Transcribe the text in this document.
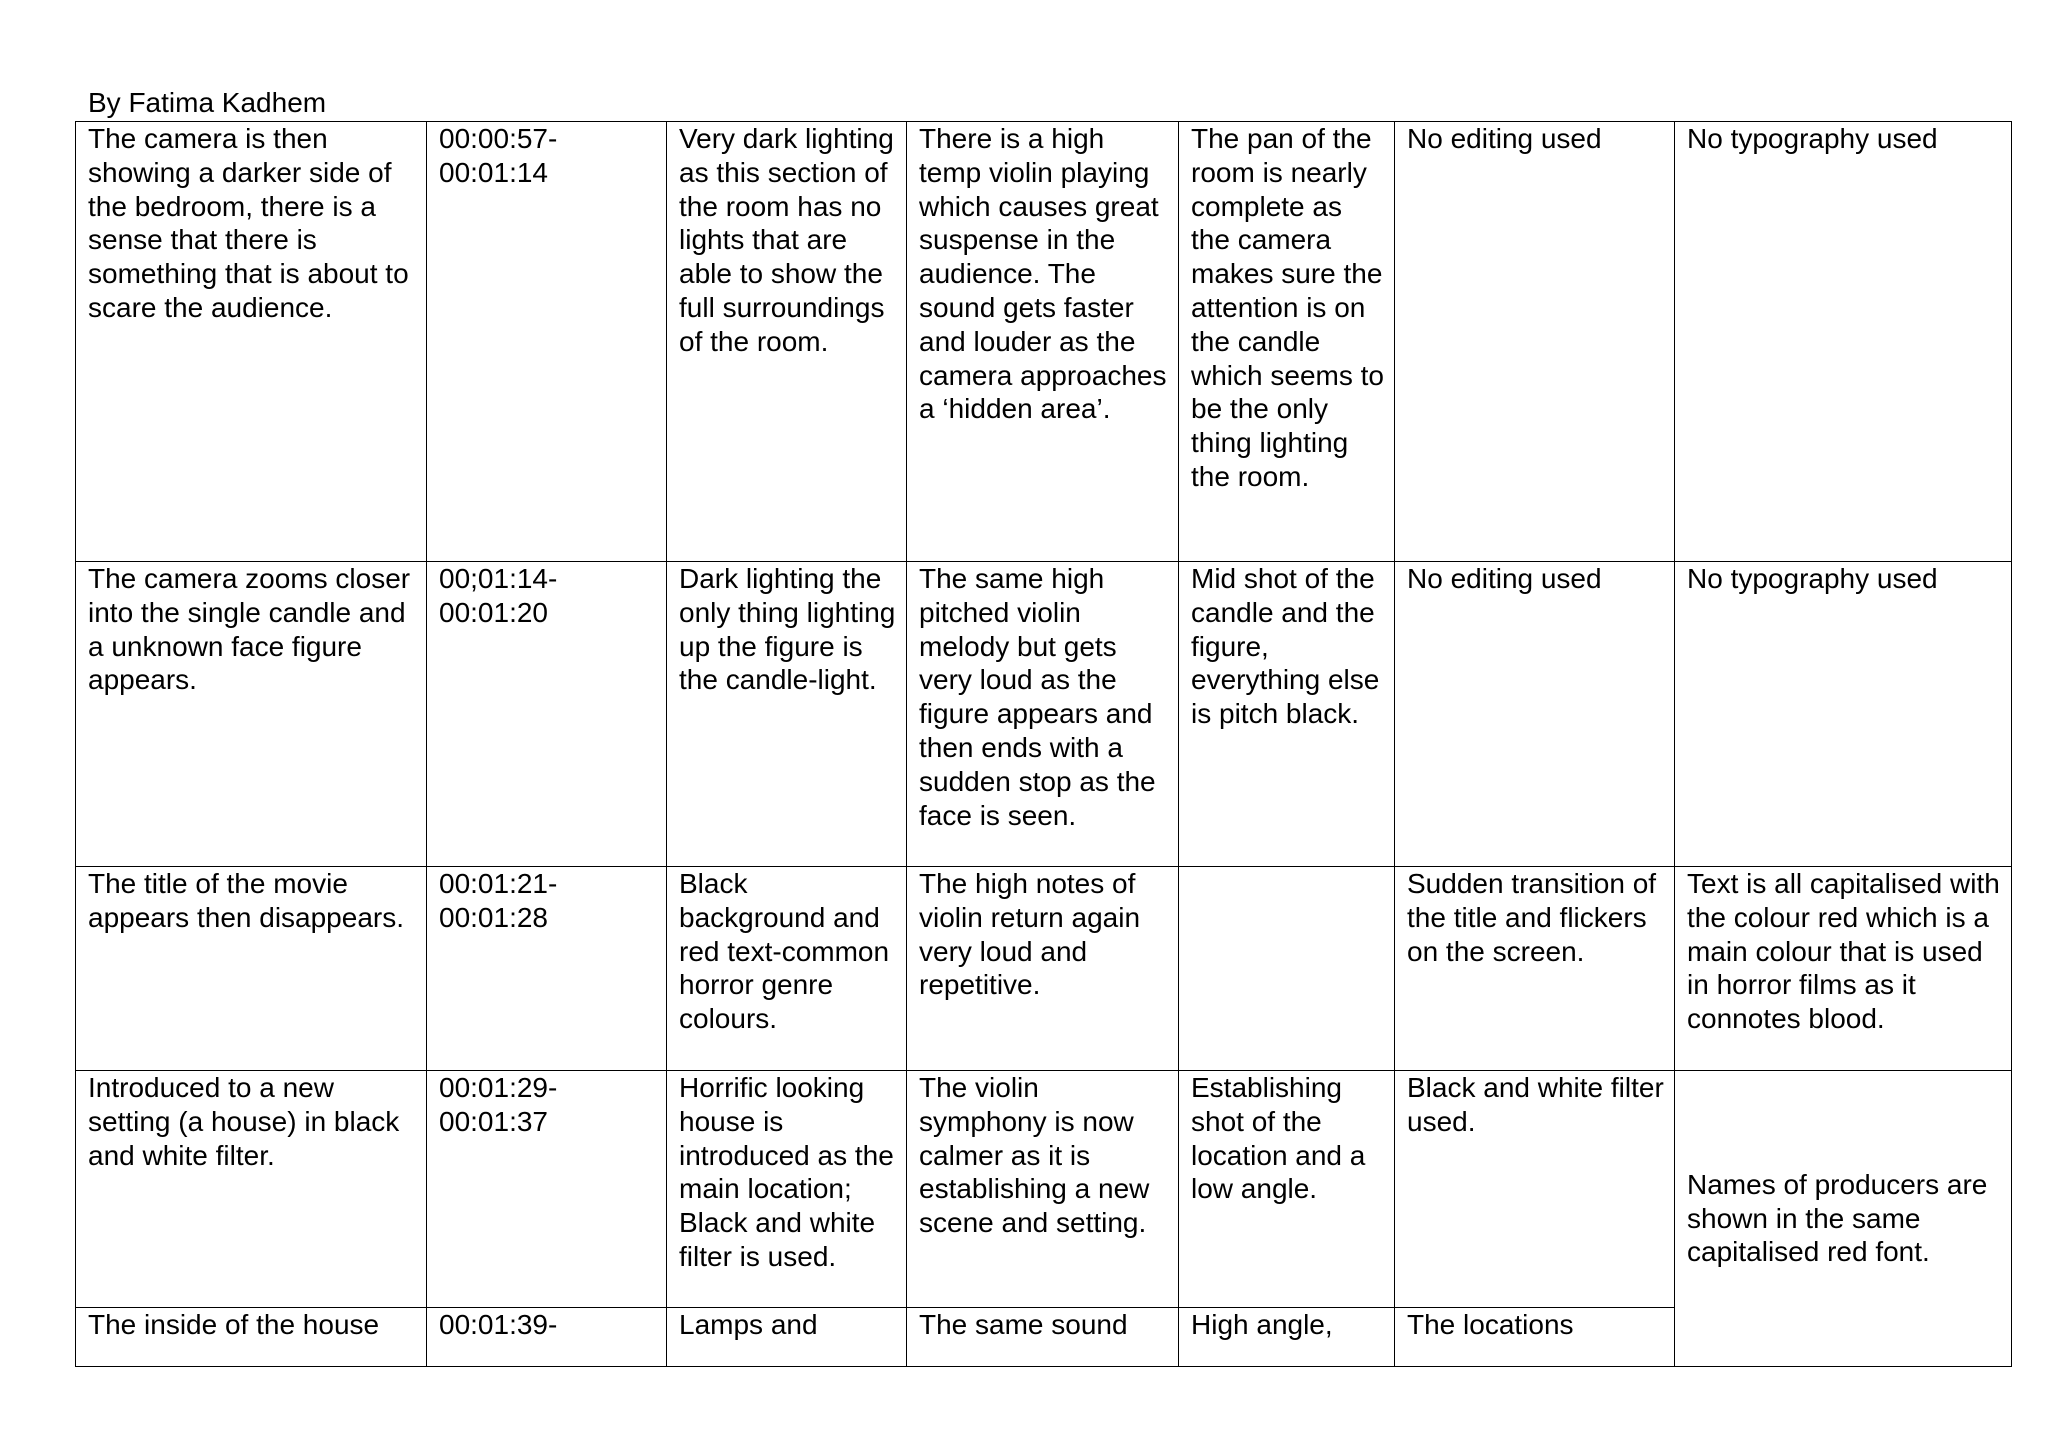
By Fatima Kadhem
The camera is then showing a darker side of the bedroom, there is a sense that there is something that is about to scare the audience.	00:00:57-00:01:14	Very dark lighting as this section of the room has no lights that are able to show the full surroundings of the room.	There is a high temp violin playing which causes great suspense in the audience. The sound gets faster and louder as the camera approaches a ‘hidden area’.	The pan of the room is nearly complete as the camera makes sure the attention is on the candle which seems to be the only thing lighting the room.	No editing used	No typography used
The camera zooms closer into the single candle and a unknown face figure appears.	00;01:14-00:01:20	Dark lighting the only thing lighting up the figure is the candle-light.	The same high pitched violin melody but gets very loud as the figure appears and then ends with a sudden stop as the face is seen.	Mid shot of the candle and the figure, everything else is pitch black.	No editing used	No typography used
The title of the movie appears then disappears.	00:01:21-00:01:28	Black background and red text-common horror genre colours.	The high notes of violin return again very loud and repetitive.		Sudden transition of the title and flickers on the screen.	Text is all capitalised with the colour red which is a main colour that is used in horror films as it connotes blood.
Introduced to a new setting (a house) in black and white filter.	00:01:29-00:01:37	Horrific looking house is introduced as the main location; Black and white filter is used.	The violin symphony is now calmer as it is establishing a new scene and setting.	Establishing shot of the location and a low angle.	Black and white filter used.	Names of producers are shown in the same capitalised red font.
The inside of the house	00:01:39-	Lamps and	The same sound	High angle,	The locations	
